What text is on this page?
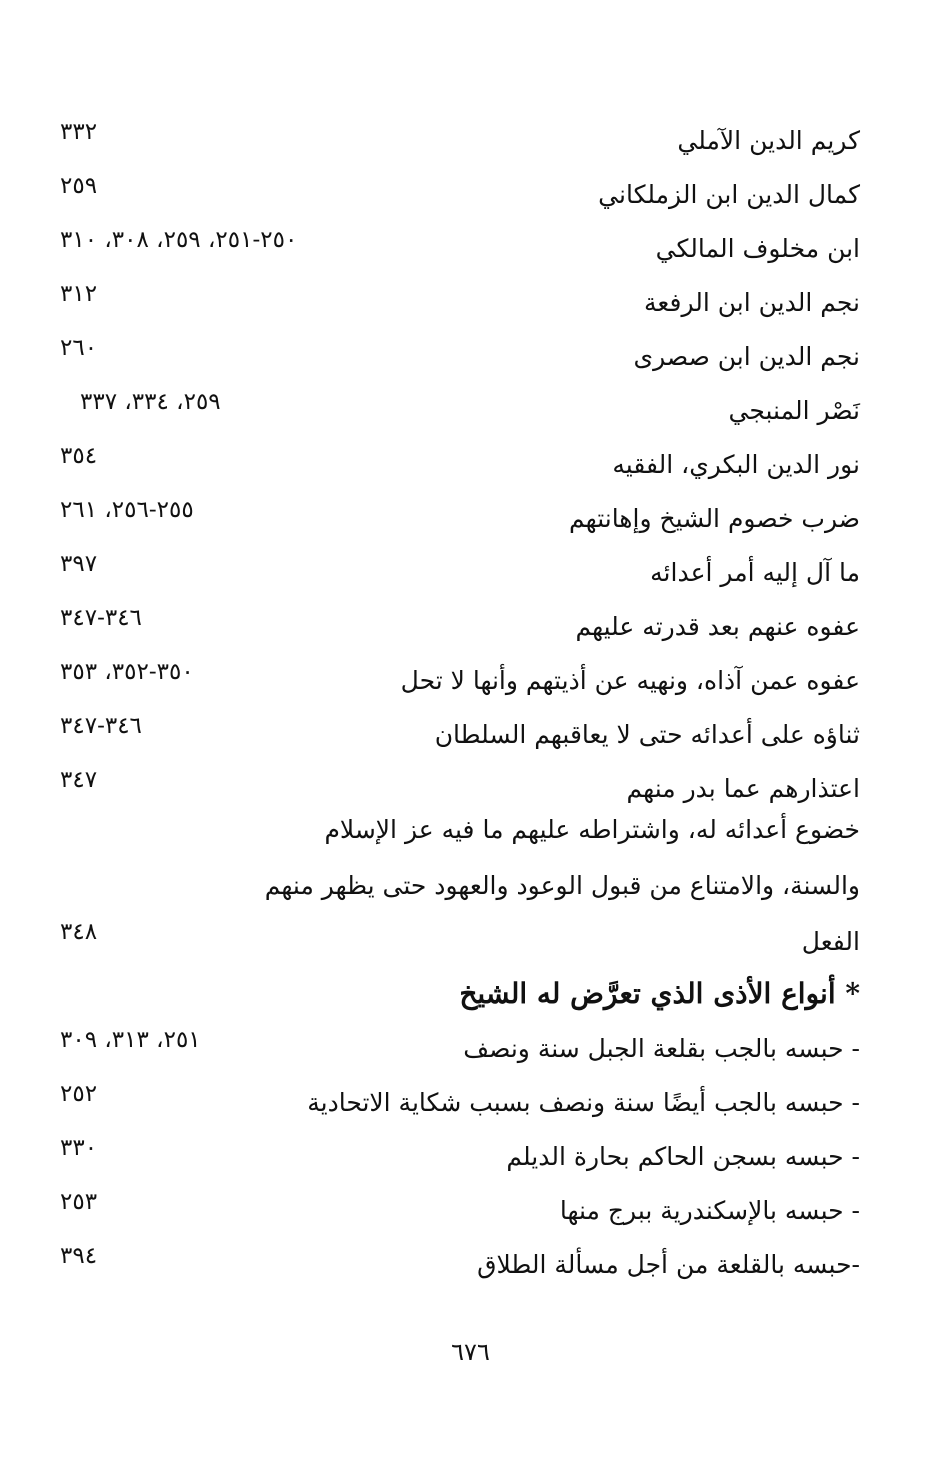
كريم الدين الآملي
٣٣٢
كمال الدين ابن الزملكاني
٢٥٩
ابن مخلوف المالكي
٢٥٠-٢٥١، ٢٥٩، ٣٠٨، ٣١٠
نجم الدين ابن الرفعة
٣١٢
نجم الدين ابن صصرى
٢٦٠
نَصْر المنبجي
٢٥٩، ٣٣٤، ٣٣٧
نور الدين البكري، الفقيه
٣٥٤
ضرب خصوم الشيخ وإهانتهم
٢٥٥-٢٥٦، ٢٦١
ما آل إليه أمر أعدائه
٣٩٧
عفوه عنهم بعد قدرته عليهم
٣٤٦-٣٤٧
عفوه عمن آذاه، ونهيه عن أذيتهم وأنها لا تحل
٣٥٠-٣٥٢، ٣٥٣
ثناؤه على أعدائه حتى لا يعاقبهم السلطان
٣٤٦-٣٤٧
اعتذارهم عما بدر منهم
٣٤٧
خضوع أعدائه له، واشتراطه عليهم ما فيه عز الإسلام
والسنة، والامتناع من قبول الوعود والعهود حتى يظهر منهم
الفعل
٣٤٨
* أنواع الأذى الذي تعرَّض له الشيخ
- حبسه بالجب بقلعة الجبل سنة ونصف
٢٥١، ٣١٣، ٣٠٩
- حبسه بالجب أيضًا سنة ونصف بسبب شكاية الاتحادية
٢٥٢
- حبسه بسجن الحاكم بحارة الديلم
٣٣٠
- حبسه بالإسكندرية ببرج منها
٢٥٣
-حبسه بالقلعة من أجل مسألة الطلاق
٣٩٤
٦٧٦
